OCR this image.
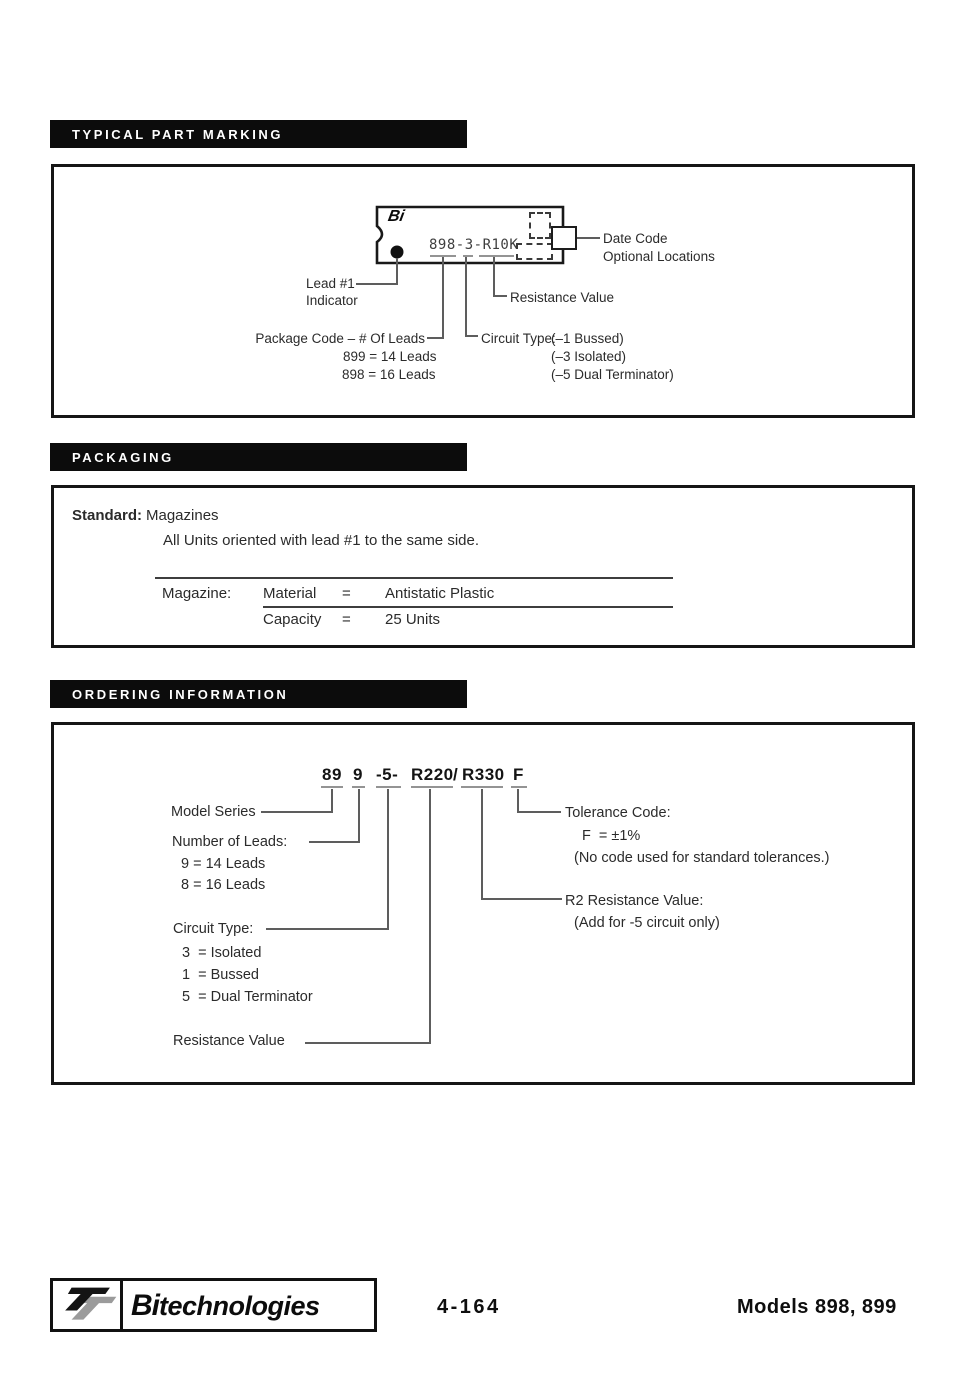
TYPICAL PART MARKING
Bi
898-3-R10K
Lead #1
Indicator
Date Code
Optional Locations
Resistance Value
Package Code – # Of Leads
899 = 14 Leads
898 = 16 Leads
Circuit Type:
(–1 Bussed)
(–3 Isolated)
(–5 Dual Terminator)
PACKAGING
Standard: Magazines
All Units oriented with lead #1 to the same side.
Magazine: Material = Antistatic Plastic
Capacity = 25 Units
ORDERING INFORMATION
89 9 -5- R220 / R330 F
Model Series
Number of Leads:
9 = 14 Leads
8 = 16 Leads
Circuit Type:
3  = Isolated
1  = Bussed
5  = Dual Terminator
Resistance Value
Tolerance Code:
F  = ±1%
(No code used for standard tolerances.)
R2 Resistance Value:
(Add for -5 circuit only)
Bitechnologies	4-164	Models 898, 899
